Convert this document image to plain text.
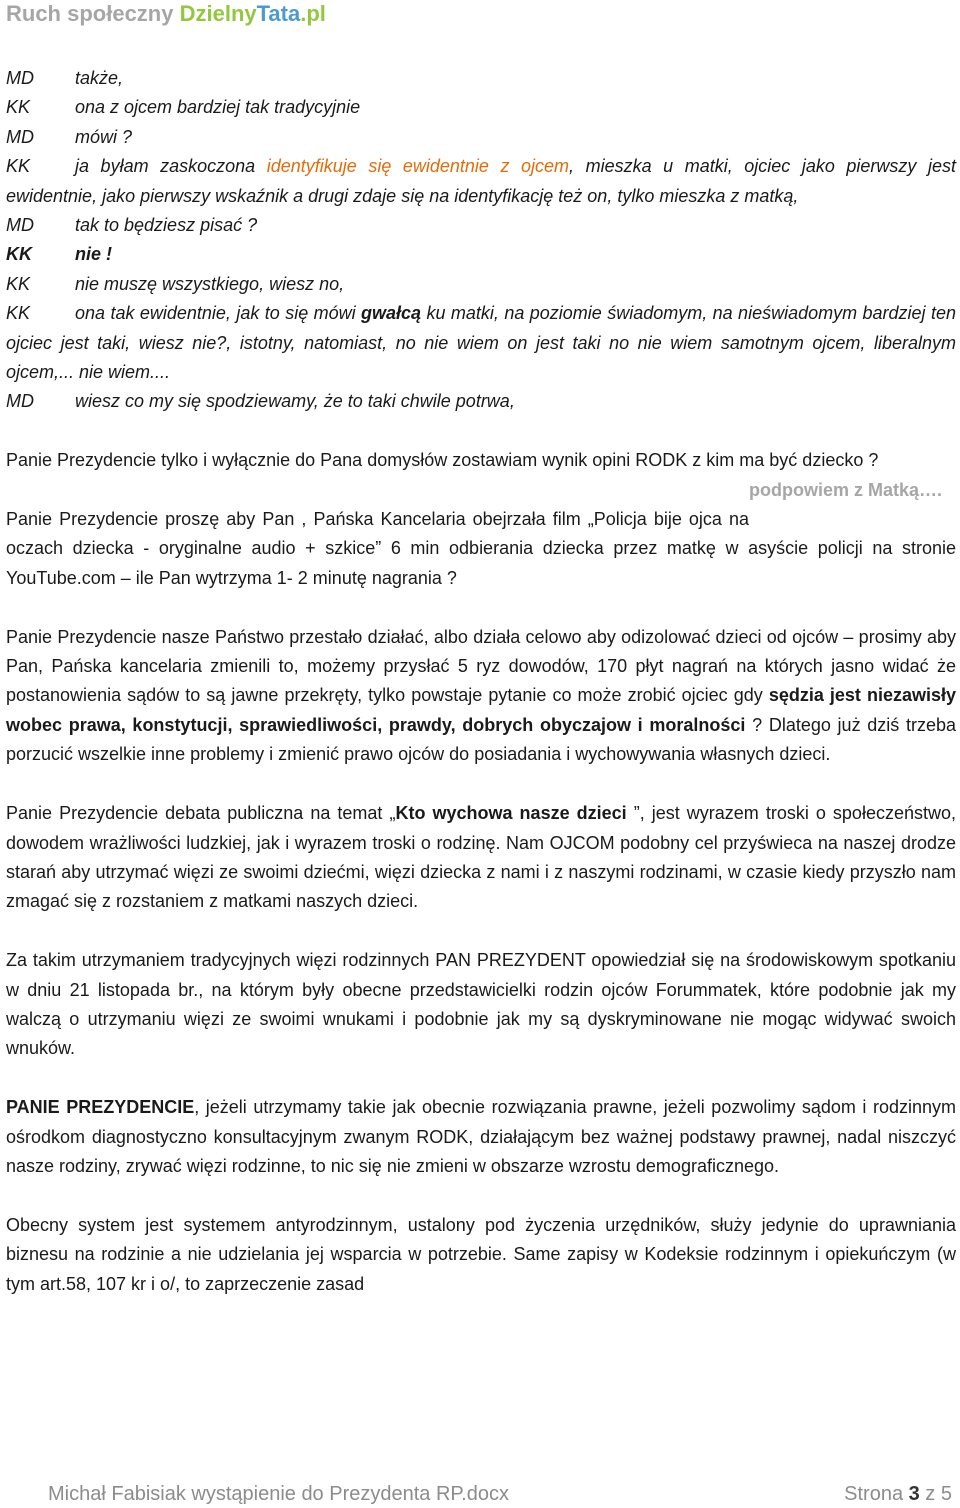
Ruch społeczny DzielnyTata.pl

MD także,

KK ona z ojcem bardziej tak tradycyjnie

MD mówi ?

KK ja byłam zaskoczona identyfikuje się ewidentnie z ojcem, mieszka u matki, ojciec jako pierwszy jest ewidentnie, jako pierwszy wskaźnik a drugi zdaje się na identyfikację też on, tylko mieszka z matką,

MD tak to będziesz pisać ?

KK nie !

KK nie muszę wszystkiego, wiesz no,

KK ona tak ewidentnie, jak to się mówi gwałcą ku matki, na poziomie świadomym, na nieświadomym bardziej ten ojciec jest taki, wiesz nie?, istotny, natomiast, no nie wiem on jest taki no nie wiem samotnym ojcem, liberalnym ojcem,... nie wiem....

MD wiesz co my się spodziewamy, że to taki chwile potrwa,

Panie Prezydencie tylko i wyłącznie do Pana domysłów zostawiam wynik opini RODK z kim ma być dziecko ?
podpowiem z Matką….

Panie Prezydencie proszę aby Pan , Pańska Kancelaria obejrzała film „Policja bije ojca na oczach dziecka - oryginalne audio + szkice” 6 min odbierania dziecka przez matkę w asyście policji na stronie YouTube.com – ile Pan wytrzyma 1- 2 minutę nagrania ?

Panie Prezydencie nasze Państwo przestało działać, albo działa celowo aby odizolować dzieci od ojców – prosimy aby Pan, Pańska kancelaria zmienili to, możemy przysłać 5 ryz dowodów, 170 płyt nagrań na których jasno widać że postanowienia sądów to są jawne przekręty, tylko powstaje pytanie co może zrobić ojciec gdy sędzia jest niezawisły wobec prawa, konstytucji, sprawiedliwości, prawdy, dobrych obyczajow i moralności ? Dlatego już dziś trzeba porzucić wszelkie inne problemy i zmienić prawo ojców do posiadania i wychowywania własnych dzieci.

Panie Prezydencie debata publiczna na temat „Kto wychowa nasze dzieci ”, jest wyrazem troski o społeczeństwo, dowodem wrażliwości ludzkiej, jak i wyrazem troski o rodzinę. Nam OJCOM podobny cel przyświeca na naszej drodze starań aby utrzymać więzi ze swoimi dziećmi, więzi dziecka z nami i z naszymi rodzinami, w czasie kiedy przyszło nam zmagać się z rozstaniem z matkami naszych dzieci.

Za takim utrzymaniem tradycyjnych więzi rodzinnych PAN PREZYDENT opowiedział się na środowiskowym spotkaniu w dniu 21 listopada br., na którym były obecne przedstawicielki rodzin ojców Forummatek, które podobnie jak my walczą o utrzymaniu więzi ze swoimi wnukami i podobnie jak my są dyskryminowane nie mogąc widywać swoich wnuków.

PANIE PREZYDENCIE, jeżeli utrzymamy takie jak obecnie rozwiązania prawne, jeżeli pozwolimy sądom i rodzinnym ośrodkom diagnostyczno konsultacyjnym zwanym RODK, działającym bez ważnej podstawy prawnej, nadal niszczyć nasze rodziny, zrywać więzi rodzinne, to nic się nie zmieni w obszarze wzrostu demograficznego.

Obecny system jest systemem antyrodzinnym, ustalony pod życzenia urzędników, służy jedynie do uprawniania biznesu na rodzinie a nie udzielania jej wsparcia w potrzebie. Same zapisy w Kodeksie rodzinnym i opiekuńczym (w tym art.58, 107 kr i o/, to zaprzeczenie zasad

Michał Fabisiak wystąpienie do Prezydenta RP.docx	Strona 3 z 5
